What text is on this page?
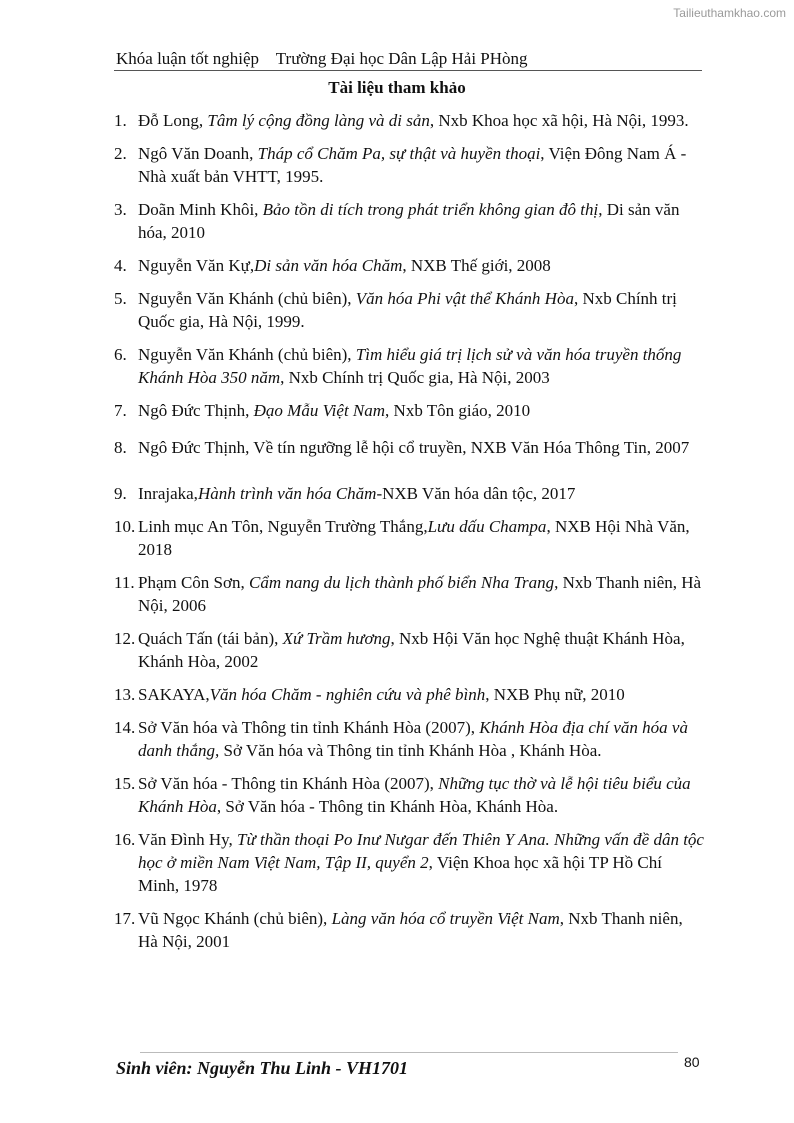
Tailieuthamkhao.com
Khóa luận tốt nghiệp Trường Đại học Dân Lập Hải PHòng
Tài liệu tham khảo
1. Đỗ Long, Tâm lý cộng đồng làng và di sản, Nxb Khoa học xã hội, Hà Nội, 1993.
2. Ngô Văn Doanh, Tháp cổ Chăm Pa, sự thật và huyền thoại, Viện Đông Nam Á - Nhà xuất bản VHTT, 1995.
3. Doãn Minh Khôi, Bảo tồn di tích trong phát triển không gian đô thị, Di sản văn hóa, 2010
4. Nguyễn Văn Kự,Di sản văn hóa Chăm, NXB Thế giới, 2008
5. Nguyễn Văn Khánh (chủ biên), Văn hóa Phi vật thể Khánh Hòa, Nxb Chính trị Quốc gia, Hà Nội, 1999.
6. Nguyễn Văn Khánh (chủ biên), Tìm hiểu giá trị lịch sử và văn hóa truyền thống Khánh Hòa 350 năm, Nxb Chính trị Quốc gia, Hà Nội, 2003
7. Ngô Đức Thịnh, Đạo Mẫu Việt Nam, Nxb Tôn giáo, 2010
8. Ngô Đức Thịnh, Về tín ngưỡng lễ hội cổ truyền, NXB Văn Hóa Thông Tin, 2007
9. Inrajaka,Hành trình văn hóa Chăm-NXB Văn hóa dân tộc, 2017
10. Linh mục An Tôn, Nguyễn Trường Thắng,Lưu dấu Champa, NXB Hội Nhà Văn, 2018
11. Phạm Côn Sơn, Cẩm nang du lịch thành phố biển Nha Trang, Nxb Thanh niên, Hà Nội, 2006
12. Quách Tấn (tái bản), Xứ Trầm hương, Nxb Hội Văn học Nghệ thuật Khánh Hòa, Khánh Hòa, 2002
13. SAKAYA,Văn hóa Chăm - nghiên cứu và phê bình, NXB Phụ nữ, 2010
14. Sở Văn hóa và Thông tin tỉnh Khánh Hòa (2007), Khánh Hòa địa chí văn hóa và danh thắng, Sở Văn hóa và Thông tin tỉnh Khánh Hòa , Khánh Hòa.
15. Sở Văn hóa - Thông tin Khánh Hòa (2007), Những tục thờ và lễ hội tiêu biểu của Khánh Hòa, Sở Văn hóa - Thông tin Khánh Hòa, Khánh Hòa.
16. Văn Đình Hy, Từ thần thoại Po Inư Nưgar đến Thiên Y Ana. Những vấn đề dân tộc học ở miền Nam Việt Nam, Tập II, quyển 2, Viện Khoa học xã hội TP Hồ Chí Minh, 1978
17. Vũ Ngọc Khánh (chủ biên), Làng văn hóa cổ truyền Việt Nam, Nxb Thanh niên, Hà Nội, 2001
Sinh viên: Nguyễn Thu Linh - VH1701	80
